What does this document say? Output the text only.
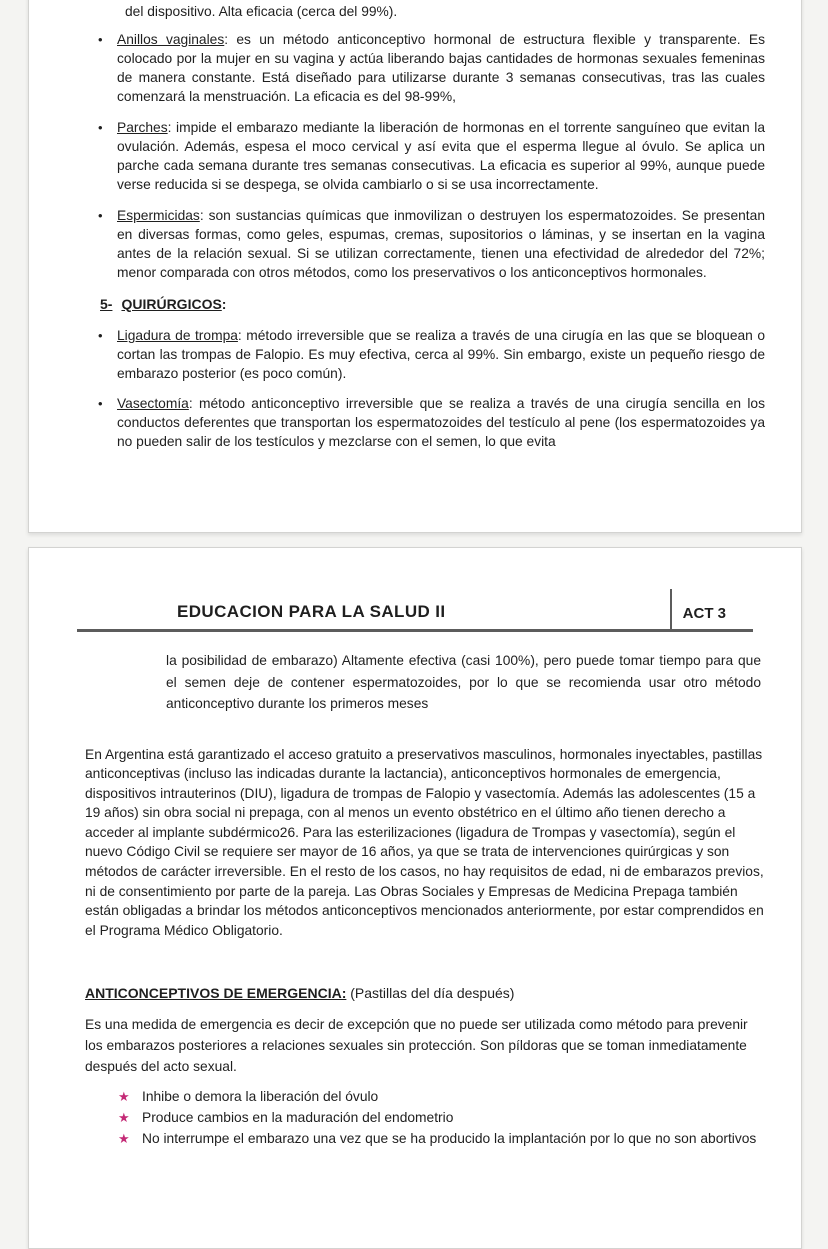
del dispositivo. Alta eficacia (cerca del 99%).
• Anillos vaginales: es un método anticonceptivo hormonal de estructura flexible y transparente. Es colocado por la mujer en su vagina y actúa liberando bajas cantidades de hormonas sexuales femeninas de manera constante. Está diseñado para utilizarse durante 3 semanas consecutivas, tras las cuales comenzará la menstruación. La eficacia es del 98-99%,
• Parches: impide el embarazo mediante la liberación de hormonas en el torrente sanguíneo que evitan la ovulación. Además, espesa el moco cervical y así evita que el esperma llegue al óvulo. Se aplica un parche cada semana durante tres semanas consecutivas. La eficacia es superior al 99%, aunque puede verse reducida si se despega, se olvida cambiarlo o si se usa incorrectamente.
• Espermicidas: son sustancias químicas que inmovilizan o destruyen los espermatozoides. Se presentan en diversas formas, como geles, espumas, cremas, supositorios o láminas, y se insertan en la vagina antes de la relación sexual. Si se utilizan correctamente, tienen una efectividad de alrededor del 72%; menor comparada con otros métodos, como los preservativos o los anticonceptivos hormonales.
5- QUIRÚRGICOS:
• Ligadura de trompa: método irreversible que se realiza a través de una cirugía en las que se bloquean o cortan las trompas de Falopio. Es muy efectiva, cerca al 99%. Sin embargo, existe un pequeño riesgo de embarazo posterior (es poco común).
• Vasectomía: método anticonceptivo irreversible que se realiza a través de una cirugía sencilla en los conductos deferentes que transportan los espermatozoides del testículo al pene (los espermatozoides ya no pueden salir de los testículos y mezclarse con el semen, lo que evita
EDUCACION PARA LA SALUD II	ACT 3
la posibilidad de embarazo) Altamente efectiva (casi 100%), pero puede tomar tiempo para que el semen deje de contener espermatozoides, por lo que se recomienda usar otro método anticonceptivo durante los primeros meses
En Argentina está garantizado el acceso gratuito a preservativos masculinos, hormonales inyectables, pastillas anticonceptivas (incluso las indicadas durante la lactancia), anticonceptivos hormonales de emergencia, dispositivos intrauterinos (DIU), ligadura de trompas de Falopio y vasectomía. Además las adolescentes (15 a 19 años) sin obra social ni prepaga, con al menos un evento obstétrico en el último año tienen derecho a acceder al implante subdérmico26. Para las esterilizaciones (ligadura de Trompas y vasectomía), según el nuevo Código Civil se requiere ser mayor de 16 años, ya que se trata de intervenciones quirúrgicas y son métodos de carácter irreversible. En el resto de los casos, no hay requisitos de edad, ni de embarazos previos, ni de consentimiento por parte de la pareja. Las Obras Sociales y Empresas de Medicina Prepaga también están obligadas a brindar los métodos anticonceptivos mencionados anteriormente, por estar comprendidos en el Programa Médico Obligatorio.
ANTICONCEPTIVOS DE EMERGENCIA: (Pastillas del día después)
Es una medida de emergencia es decir de excepción que no puede ser utilizada como método para prevenir los embarazos posteriores a relaciones sexuales sin protección. Son píldoras que se toman inmediatamente después del acto sexual.
★ Inhibe o demora la liberación del óvulo
★ Produce cambios en la maduración del endometrio
★ No interrumpe el embarazo una vez que se ha producido la implantación por lo que no son abortivos
